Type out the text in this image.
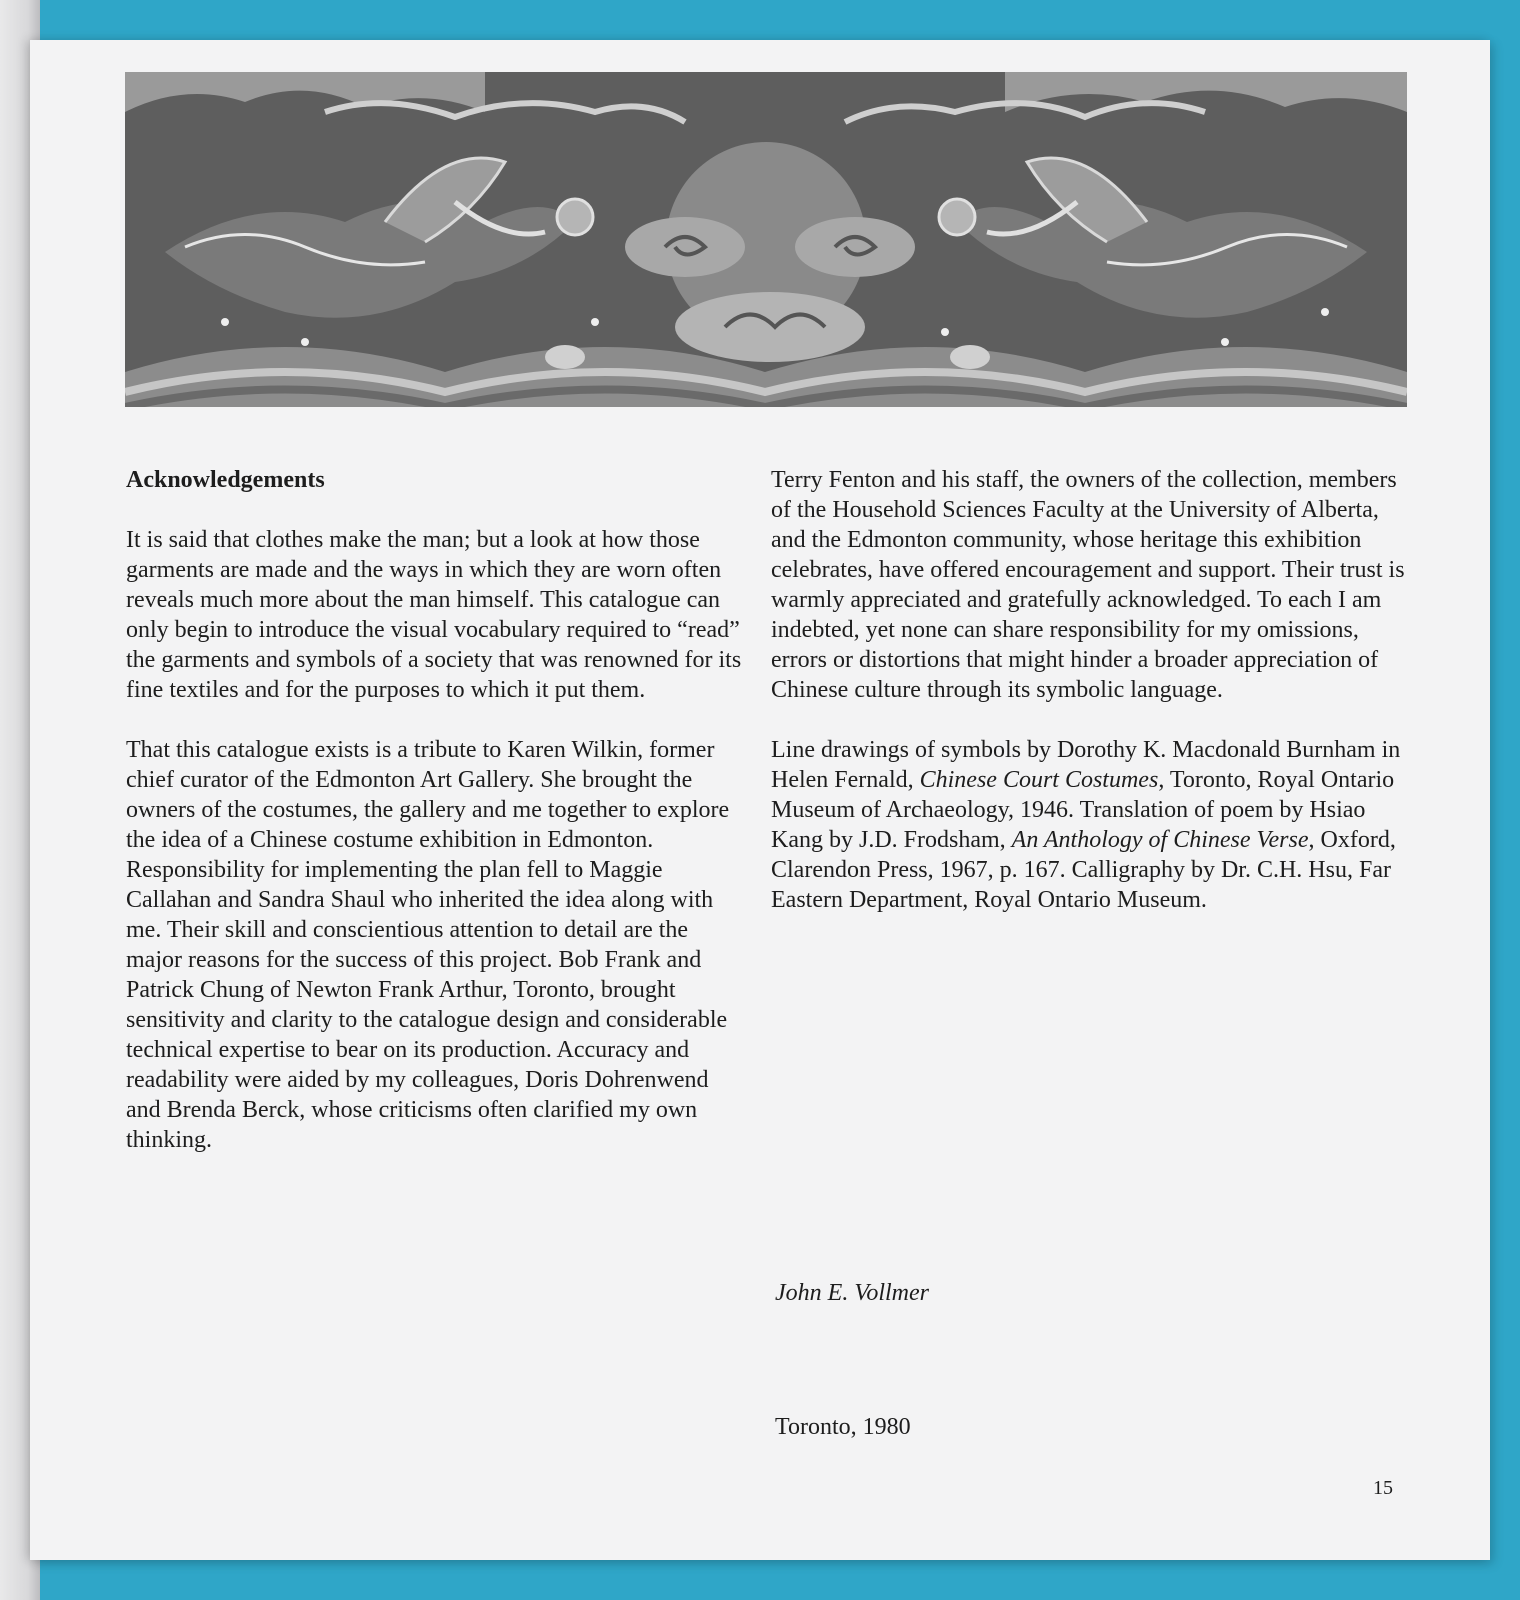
Acknowledgements

It is said that clothes make the man; but a look at how those garments are made and the ways in which they are worn often reveals much more about the man himself. This catalogue can only begin to introduce the visual vocabulary required to “read” the garments and symbols of a society that was renowned for its fine textiles and for the purposes to which it put them.

That this catalogue exists is a tribute to Karen Wilkin, former chief curator of the Edmonton Art Gallery. She brought the owners of the costumes, the gallery and me together to explore the idea of a Chinese costume exhibition in Edmonton. Responsibility for implementing the plan fell to Maggie Callahan and Sandra Shaul who inherited the idea along with me. Their skill and conscientious attention to detail are the major reasons for the success of this project. Bob Frank and Patrick Chung of Newton Frank Arthur, Toronto, brought sensitivity and clarity to the catalogue design and considerable technical expertise to bear on its production. Accuracy and readability were aided by my colleagues, Doris Dohrenwend and Brenda Berck, whose criticisms often clarified my own thinking.

Terry Fenton and his staff, the owners of the collection, members of the Household Sciences Faculty at the University of Alberta, and the Edmonton community, whose heritage this exhibition celebrates, have offered encouragement and support. Their trust is warmly appreciated and gratefully acknowledged. To each I am indebted, yet none can share responsibility for my omissions, errors or distortions that might hinder a broader appreciation of Chinese culture through its symbolic language.

Line drawings of symbols by Dorothy K. Macdonald Burnham in Helen Fernald, Chinese Court Costumes, Toronto, Royal Ontario Museum of Archaeology, 1946. Translation of poem by Hsiao Kang by J.D. Frodsham, An Anthology of Chinese Verse, Oxford, Clarendon Press, 1967, p. 167. Calligraphy by Dr. C.H. Hsu, Far Eastern Department, Royal Ontario Museum.

John E. Vollmer
Toronto, 1980
15
